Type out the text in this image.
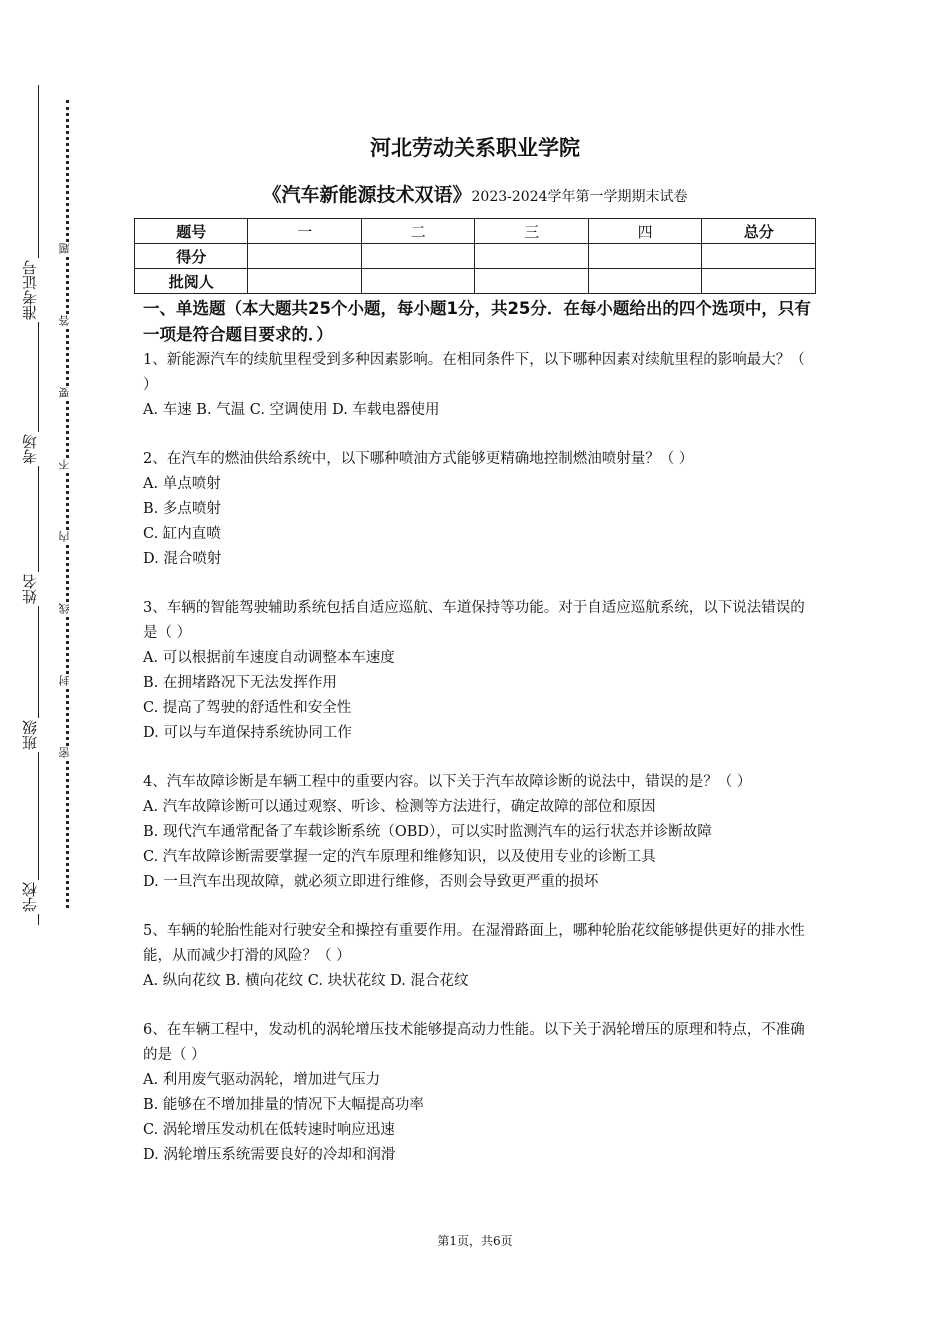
准考证号
考场
姓名
班级
学校
题
答
要
不
内
线
封
密
河北劳动关系职业学院
《汽车新能源技术双语》2023-2024学年第一学期期末试卷
题号	一	二	三	四	总分
得分					
批阅人					

一、单选题（本大题共25个小题，每小题1分，共25分．在每小题给出的四个选项中，只有一项是符合题目要求的．）

1、新能源汽车的续航里程受到多种因素影响。在相同条件下，以下哪种因素对续航里程的影响最大？（ ）

A. 车速 B. 气温 C. 空调使用 D. 车载电器使用

2、在汽车的燃油供给系统中，以下哪种喷油方式能够更精确地控制燃油喷射量？（ ）

A. 单点喷射

B. 多点喷射

C. 缸内直喷

D. 混合喷射

3、车辆的智能驾驶辅助系统包括自适应巡航、车道保持等功能。对于自适应巡航系统，以下说法错误的是（ ）

A. 可以根据前车速度自动调整本车速度

B. 在拥堵路况下无法发挥作用

C. 提高了驾驶的舒适性和安全性

D. 可以与车道保持系统协同工作

4、汽车故障诊断是车辆工程中的重要内容。以下关于汽车故障诊断的说法中，错误的是？（ ）

A. 汽车故障诊断可以通过观察、听诊、检测等方法进行，确定故障的部位和原因

B. 现代汽车通常配备了车载诊断系统（OBD），可以实时监测汽车的运行状态并诊断故障

C. 汽车故障诊断需要掌握一定的汽车原理和维修知识，以及使用专业的诊断工具

D. 一旦汽车出现故障，就必须立即进行维修，否则会导致更严重的损坏

5、车辆的轮胎性能对行驶安全和操控有重要作用。在湿滑路面上，哪种轮胎花纹能够提供更好的排水性能，从而减少打滑的风险？（ ）

A. 纵向花纹 B. 横向花纹 C. 块状花纹 D. 混合花纹

6、在车辆工程中，发动机的涡轮增压技术能够提高动力性能。以下关于涡轮增压的原理和特点，不准确的是（ ）

A. 利用废气驱动涡轮，增加进气压力

B. 能够在不增加排量的情况下大幅提高功率

C. 涡轮增压发动机在低转速时响应迅速

D. 涡轮增压系统需要良好的冷却和润滑

第1页，共6页
